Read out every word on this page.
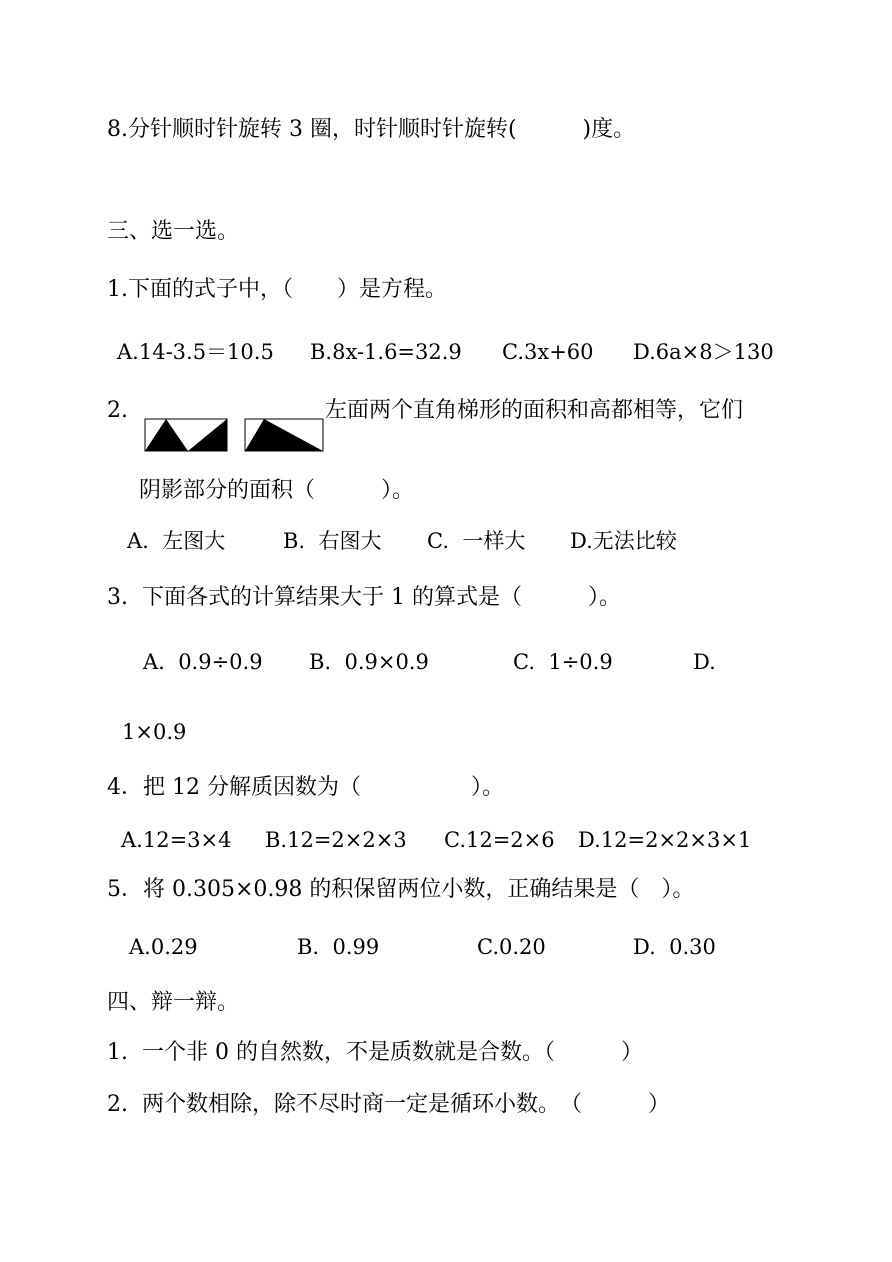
8.分针顺时针旋转 3 圈，时针顺时针旋转(　　　)度。
三、选一选。
1.下面的式子中，（　　）是方程。
A.14-3.5＝10.5 B.8x-1.6=32.9 C.3x+60 D.6a×8＞130
2.	左面两个直角梯形的面积和高都相等，它们
阴影部分的面积（　　　）。
A.  左图大	B.  右图大 C.  一样大 D.无法比较
3.  下面各式的计算结果大于 1 的算式是（　　　）。
A.  0.9÷0.9 B.  0.9×0.9	C.  1÷0.9	D.
1×0.9
4．把 12 分解质因数为（　　　　　）。
A.12=3×4 B.12=2×2×3 C.12=2×6 D.12=2×2×3×1
5．将 0.305×0.98 的积保留两位小数，正确结果是（　）。
A.0.29	B.  0.99	C.0.20	D.  0.30
四、辩一辩。
1.  一个非 0 的自然数，不是质数就是合数。（　　　）
2.  两个数相除，除不尽时商一定是循环小数。　（　　　）
